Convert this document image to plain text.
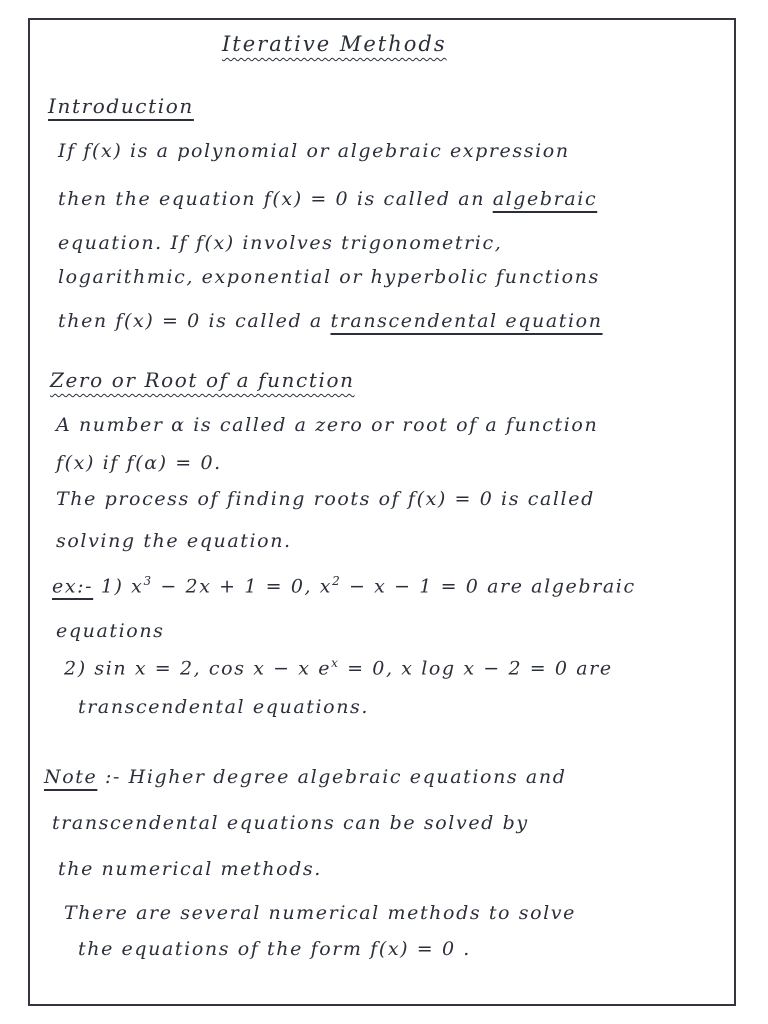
Iterative Methods
Introduction
If f(x) is a polynomial or algebraic expression
then the equation f(x) = 0 is called an algebraic
equation. If f(x) involves trigonometric,
logarithmic, exponential or hyperbolic functions
then f(x) = 0 is called a transcendental equation
Zero or Root of a function
A number α is called a zero or root of a function
f(x) if f(α) = 0.
The process of finding roots of f(x) = 0 is called
solving the equation.
ex:- 1) $x^3 - 2x + 1 = 0$, $x^2 - x - 1 = 0$ are algebraic
equations
2) sin x = 2, cos x − x $e^x = 0$, x log x − 2 = 0 are
transcendental equations.
Note :- Higher degree algebraic equations and
transcendental equations can be solved by
the numerical methods.
There are several numerical methods to solve
the equations of the form f(x) = 0 .
